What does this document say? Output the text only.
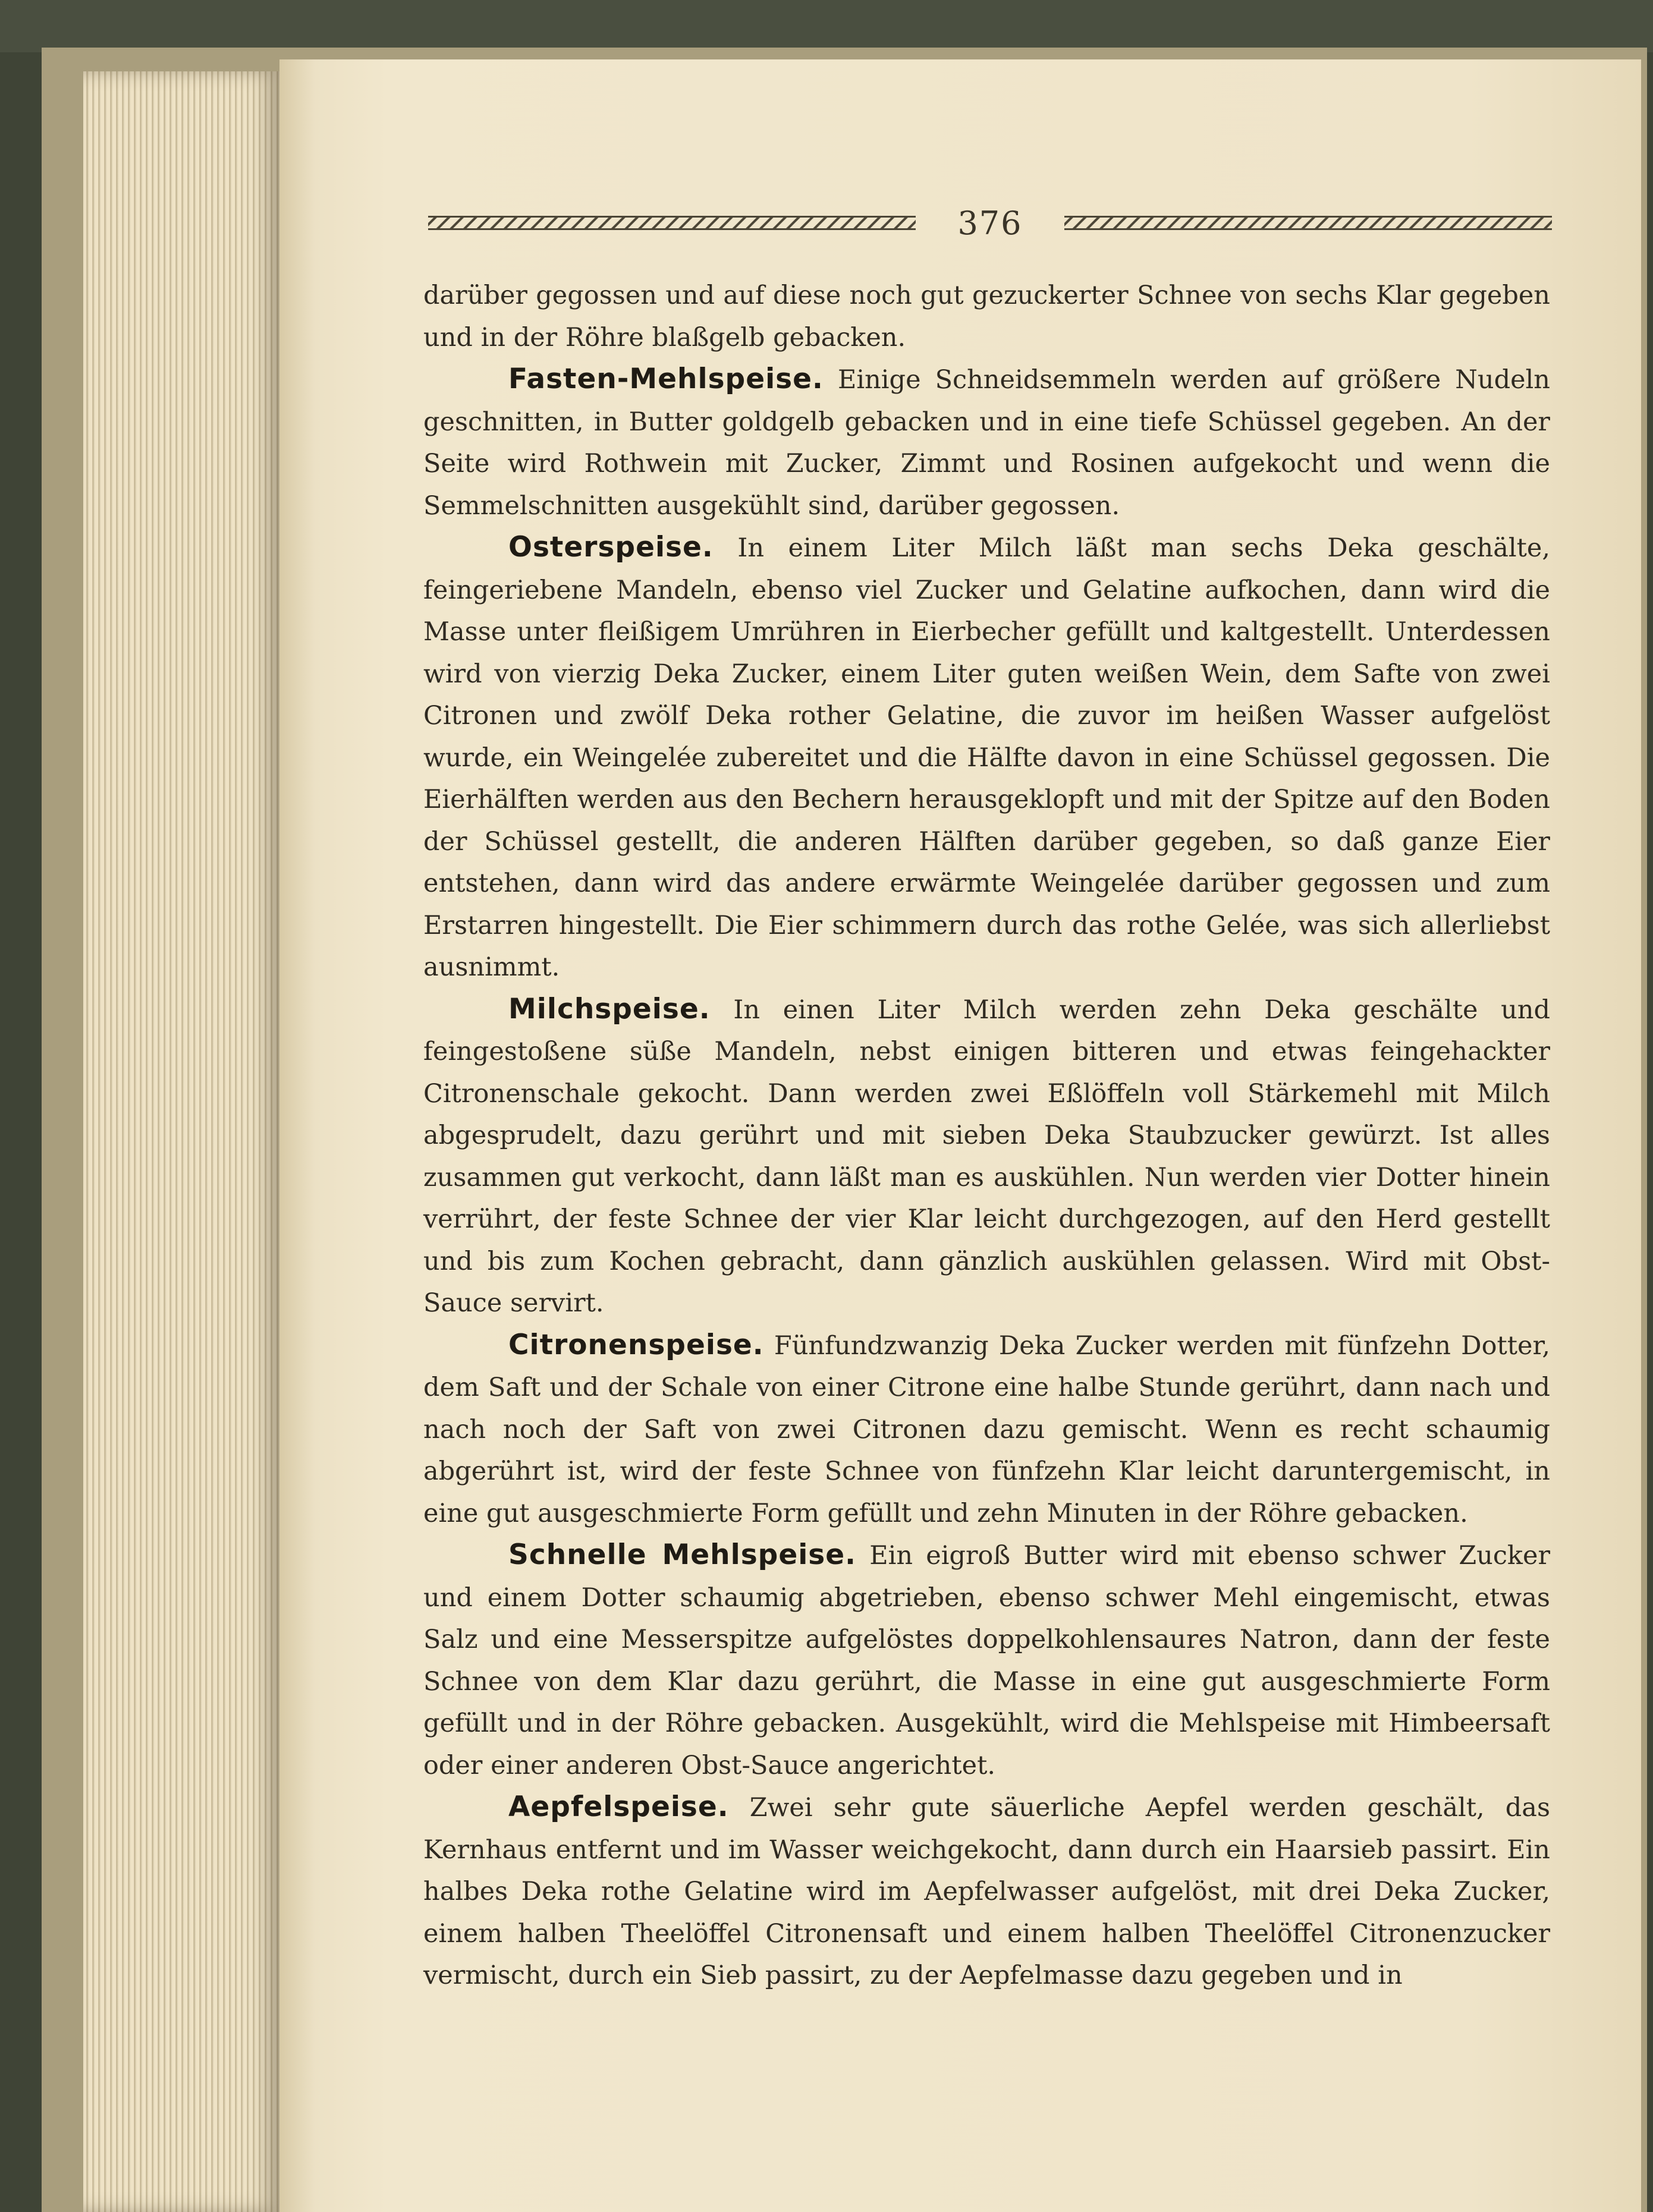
376

darüber gegossen und auf diese noch gut gezuckerter Schnee von sechs Klar gegeben und in der Röhre blaßgelb gebacken.

Fasten-Mehlspeise. Einige Schneidsemmeln werden auf größere Nudeln geschnitten, in Butter goldgelb gebacken und in eine tiefe Schüssel gegeben. An der Seite wird Rothwein mit Zucker, Zimmt und Rosinen aufgekocht und wenn die Semmelschnitten ausgekühlt sind, darüber gegossen.

Osterspeise. In einem Liter Milch läßt man sechs Deka geschälte, feingeriebene Mandeln, ebenso viel Zucker und Gelatine aufkochen, dann wird die Masse unter fleißigem Umrühren in Eierbecher gefüllt und kaltgestellt. Unterdessen wird von vierzig Deka Zucker, einem Liter guten weißen Wein, dem Safte von zwei Citronen und zwölf Deka rother Gelatine, die zuvor im heißen Wasser aufgelöst wurde, ein Weingelée zubereitet und die Hälfte davon in eine Schüssel gegossen. Die Eierhälften werden aus den Bechern herausgeklopft und mit der Spitze auf den Boden der Schüssel gestellt, die anderen Hälften darüber gegeben, so daß ganze Eier entstehen, dann wird das andere erwärmte Weingelée darüber gegossen und zum Erstarren hingestellt. Die Eier schimmern durch das rothe Gelée, was sich allerliebst ausnimmt.

Milchspeise. In einen Liter Milch werden zehn Deka geschälte und feingestoßene süße Mandeln, nebst einigen bitteren und etwas feingehackter Citronenschale gekocht. Dann werden zwei Eßlöffeln voll Stärkemehl mit Milch abgesprudelt, dazu gerührt und mit sieben Deka Staubzucker gewürzt. Ist alles zusammen gut verkocht, dann läßt man es auskühlen. Nun werden vier Dotter hinein verrührt, der feste Schnee der vier Klar leicht durchgezogen, auf den Herd gestellt und bis zum Kochen gebracht, dann gänzlich auskühlen gelassen. Wird mit Obst-Sauce servirt.

Citronenspeise. Fünfundzwanzig Deka Zucker werden mit fünfzehn Dotter, dem Saft und der Schale von einer Citrone eine halbe Stunde gerührt, dann nach und nach noch der Saft von zwei Citronen dazu gemischt. Wenn es recht schaumig abgerührt ist, wird der feste Schnee von fünfzehn Klar leicht daruntergemischt, in eine gut ausgeschmierte Form gefüllt und zehn Minuten in der Röhre gebacken.

Schnelle Mehlspeise. Ein eigroß Butter wird mit ebenso schwer Zucker und einem Dotter schaumig abgetrieben, ebenso schwer Mehl eingemischt, etwas Salz und eine Messerspitze aufgelöstes doppelkohlensaures Natron, dann der feste Schnee von dem Klar dazu gerührt, die Masse in eine gut ausgeschmierte Form gefüllt und in der Röhre gebacken. Ausgekühlt, wird die Mehlspeise mit Himbeersaft oder einer anderen Obst-Sauce angerichtet.

Aepfelspeise. Zwei sehr gute säuerliche Aepfel werden geschält, das Kernhaus entfernt und im Wasser weichgekocht, dann durch ein Haarsieb passirt. Ein halbes Deka rothe Gelatine wird im Aepfelwasser aufgelöst, mit drei Deka Zucker, einem halben Theelöffel Citronensaft und einem halben Theelöffel Citronenzucker vermischt, durch ein Sieb passirt, zu der Aepfelmasse dazu gegeben und in
